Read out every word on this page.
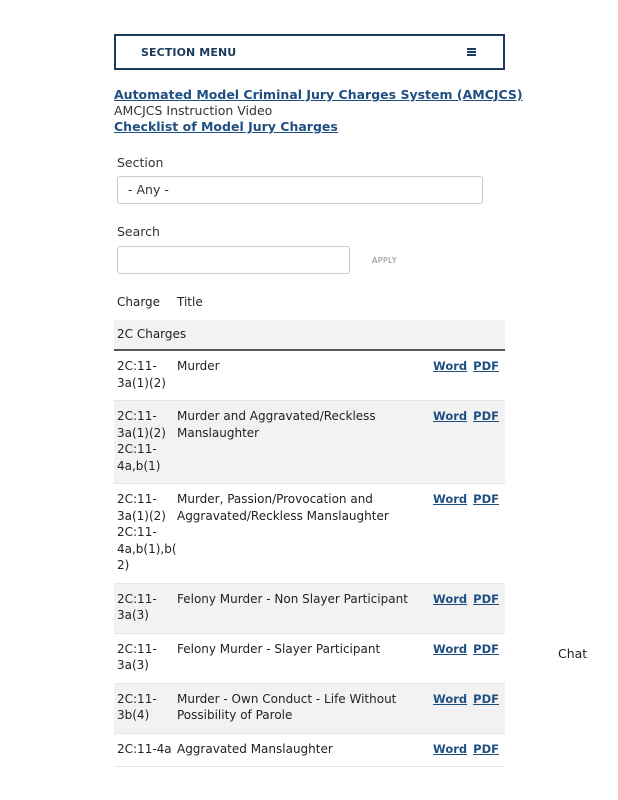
SECTION MENU
Automated Model Criminal Jury Charges System (AMCJCS)
AMCJCS Instruction Video
Checklist of Model Jury Charges
Section
- Any -
Search
APPLY
Charge	Title	
2C Charges		

2C:11-
3a(1)(2)	Murder	Word PDF

2C:11-
3a(1)(2)
2C:11-
4a,b(1)	Murder and Aggravated/Reckless Manslaughter	Word PDF

2C:11-
3a(1)(2)
2C:11-
4a,b(1),b(
2)	Murder, Passion/Provocation and Aggravated/Reckless Manslaughter	Word PDF

2C:11-
3a(3)	Felony Murder - Non Slayer Participant	Word PDF

2C:11-
3a(3)	Felony Murder - Slayer Participant	Word PDF

2C:11-
3b(4)	Murder - Own Conduct - Life Without Possibility of Parole	Word PDF

2C:11-4a	Aggravated Manslaughter	Word PDF
Chat
